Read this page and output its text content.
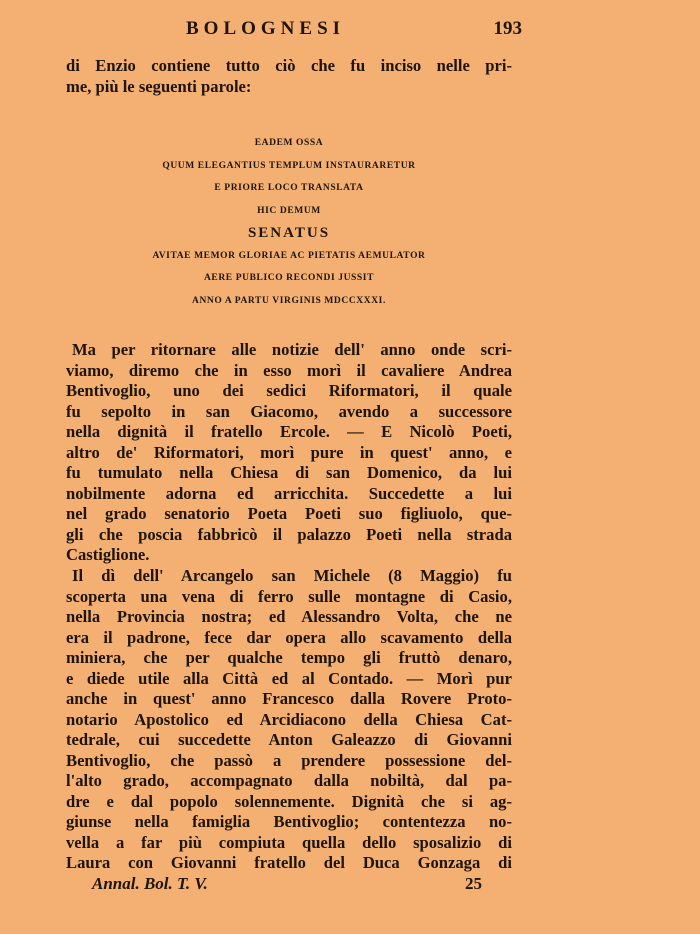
BOLOGNESI	193
di Enzio contiene tutto ciò che fu inciso nelle pri-
me, più le seguenti parole:
EADEM OSSA
QUUM ELEGANTIUS TEMPLUM INSTAURARETUR
E PRIORE LOCO TRANSLATA
HIC DEMUM
SENATUS
AVITAE MEMOR GLORIAE AC PIETATIS AEMULATOR
AERE PUBLICO RECONDI JUSSIT
ANNO A PARTU VIRGINIS MDCCXXXI.
Ma per ritornare alle notizie dell' anno onde scri-
viamo, diremo che in esso morì il cavaliere Andrea
Bentivoglio, uno dei sedici Riformatori, il quale
fu sepolto in san Giacomo, avendo a successore
nella dignità il fratello Ercole. — E Nicolò Poeti,
altro de' Riformatori, morì pure in quest' anno, e
fu tumulato nella Chiesa di san Domenico, da lui
nobilmente adorna ed arricchita. Succedette a lui
nel grado senatorio Poeta Poeti suo figliuolo, que-
gli che poscia fabbricò il palazzo Poeti nella strada
Castiglione.
Il dì dell' Arcangelo san Michele (8 Maggio) fu
scoperta una vena di ferro sulle montagne di Casio,
nella Provincia nostra; ed Alessandro Volta, che ne
era il padrone, fece dar opera allo scavamento della
miniera, che per qualche tempo gli fruttò denaro,
e diede utile alla Città ed al Contado. — Morì pur
anche in quest' anno Francesco dalla Rovere Proto-
notario Apostolico ed Arcidiacono della Chiesa Cat-
tedrale, cui succedette Anton Galeazzo di Giovanni
Bentivoglio, che passò a prendere possessione del-
l'alto grado, accompagnato dalla nobiltà, dal pa-
dre e dal popolo solennemente. Dignità che si ag-
giunse nella famiglia Bentivoglio; contentezza no-
vella a far più compiuta quella dello sposalizio di
Laura con Giovanni fratello del Duca Gonzaga di
Annal. Bol. T. V.	25
